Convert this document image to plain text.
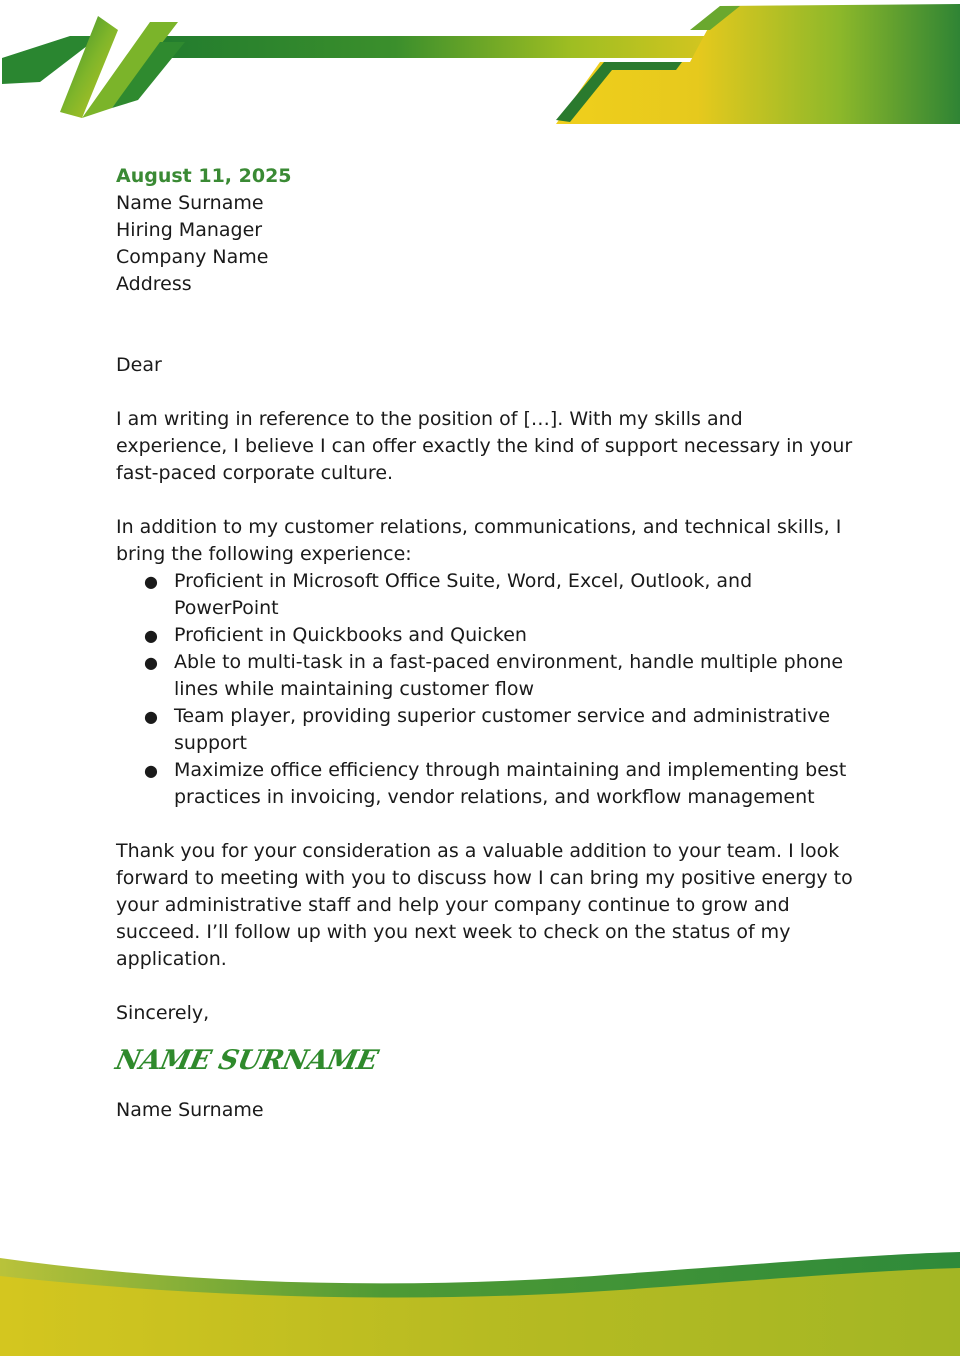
August 11, 2025
Name Surname
Hiring Manager
Company Name
Address
Dear

I am writing in reference to the position of […]. With my skills and experience, I believe I can offer exactly the kind of support necessary in your fast-paced corporate culture.

In addition to my customer relations, communications, and technical skills, I bring the following experience:

● Proficient in Microsoft Office Suite, Word, Excel, Outlook, and PowerPoint
● Proficient in Quickbooks and Quicken
● Able to multi-task in a fast-paced environment, handle multiple phone lines while maintaining customer flow
● Team player, providing superior customer service and administrative support
● Maximize office efficiency through maintaining and implementing best practices in invoicing, vendor relations, and workflow management

Thank you for your consideration as a valuable addition to your team. I look forward to meeting with you to discuss how I can bring my positive energy to your administrative staff and help your company continue to grow and succeed. I’ll follow up with you next week to check on the status of my application.

Sincerely,
NAME SURNAME
Name Surname
